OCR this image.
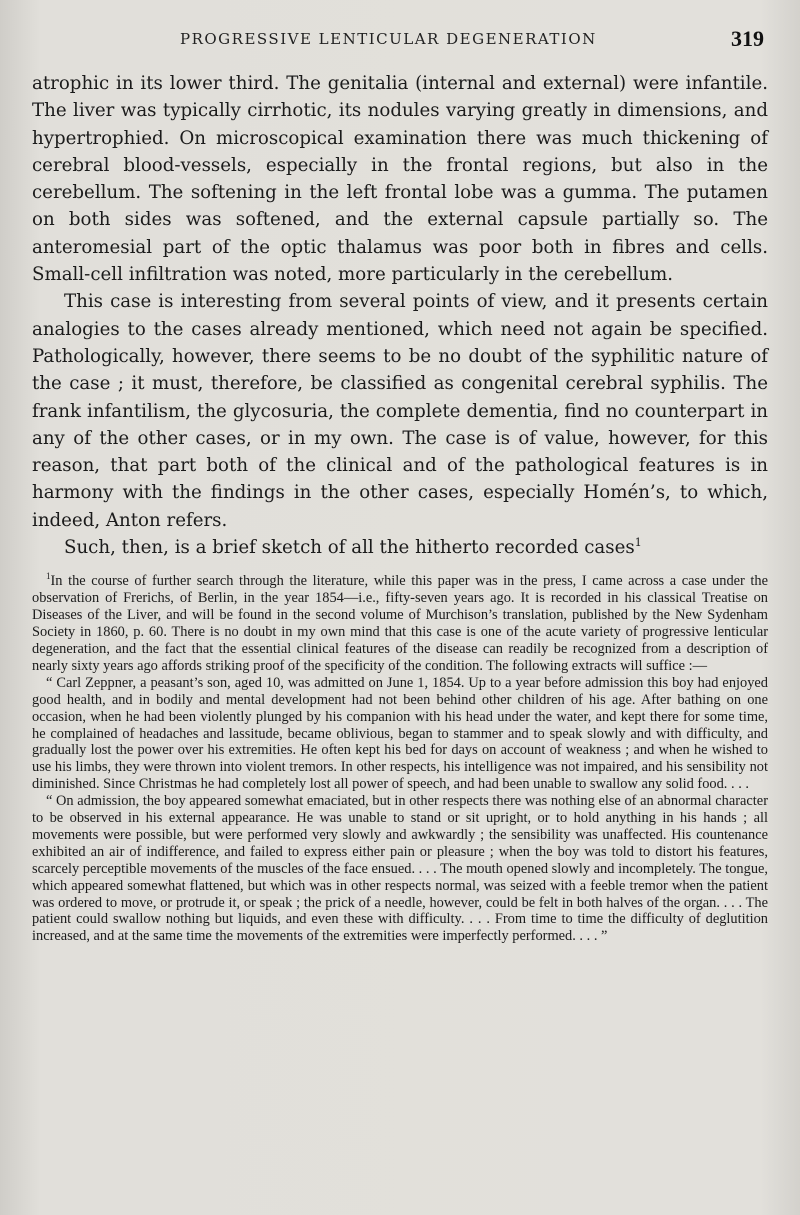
PROGRESSIVE LENTICULAR DEGENERATION	319

atrophic in its lower third. The genitalia (internal and external) were infantile. The liver was typically cirrhotic, its nodules varying greatly in dimensions, and hypertrophied. On microscopical examination there was much thickening of cerebral blood-vessels, especially in the frontal regions, but also in the cerebellum. The softening in the left frontal lobe was a gumma. The putamen on both sides was softened, and the external capsule partially so. The anteromesial part of the optic thalamus was poor both in fibres and cells. Small-cell infiltration was noted, more particularly in the cerebellum.

This case is interesting from several points of view, and it presents certain analogies to the cases already mentioned, which need not again be specified. Pathologically, however, there seems to be no doubt of the syphilitic nature of the case ; it must, therefore, be classified as congenital cerebral syphilis. The frank infantilism, the glycosuria, the complete dementia, find no counterpart in any of the other cases, or in my own. The case is of value, however, for this reason, that part both of the clinical and of the pathological features is in harmony with the findings in the other cases, especially Homén’s, to which, indeed, Anton refers.

Such, then, is a brief sketch of all the hitherto recorded cases$^1$

$^1$In the course of further search through the literature, while this paper was in the press, I came across a case under the observation of Frerichs, of Berlin, in the year 1854—i.e., fifty-seven years ago. It is recorded in his classical Treatise on Diseases of the Liver, and will be found in the second volume of Murchison’s translation, published by the New Sydenham Society in 1860, p. 60. There is no doubt in my own mind that this case is one of the acute variety of progressive lenticular degeneration, and the fact that the essential clinical features of the disease can readily be recognized from a description of nearly sixty years ago affords striking proof of the specificity of the condition. The following extracts will suffice :—

“ Carl Zeppner, a peasant’s son, aged 10, was admitted on June 1, 1854. Up to a year before admission this boy had enjoyed good health, and in bodily and mental development had not been behind other children of his age. After bathing on one occasion, when he had been violently plunged by his companion with his head under the water, and kept there for some time, he complained of headaches and lassitude, became oblivious, began to stammer and to speak slowly and with difficulty, and gradually lost the power over his extremities. He often kept his bed for days on account of weakness ; and when he wished to use his limbs, they were thrown into violent tremors. In other respects, his intelligence was not impaired, and his sensibility not diminished. Since Christmas he had completely lost all power of speech, and had been unable to swallow any solid food. . . .

“ On admission, the boy appeared somewhat emaciated, but in other respects there was nothing else of an abnormal character to be observed in his external appearance. He was unable to stand or sit upright, or to hold anything in his hands ; all movements were possible, but were performed very slowly and awkwardly ; the sensibility was unaffected. His countenance exhibited an air of indifference, and failed to express either pain or pleasure ; when the boy was told to distort his features, scarcely perceptible movements of the muscles of the face ensued. . . . The mouth opened slowly and incompletely. The tongue, which appeared somewhat flattened, but which was in other respects normal, was seized with a feeble tremor when the patient was ordered to move, or protrude it, or speak ; the prick of a needle, however, could be felt in both halves of the organ. . . . The patient could swallow nothing but liquids, and even these with difficulty. . . . From time to time the difficulty of deglutition increased, and at the same time the movements of the extremities were imperfectly performed. . . . ”
